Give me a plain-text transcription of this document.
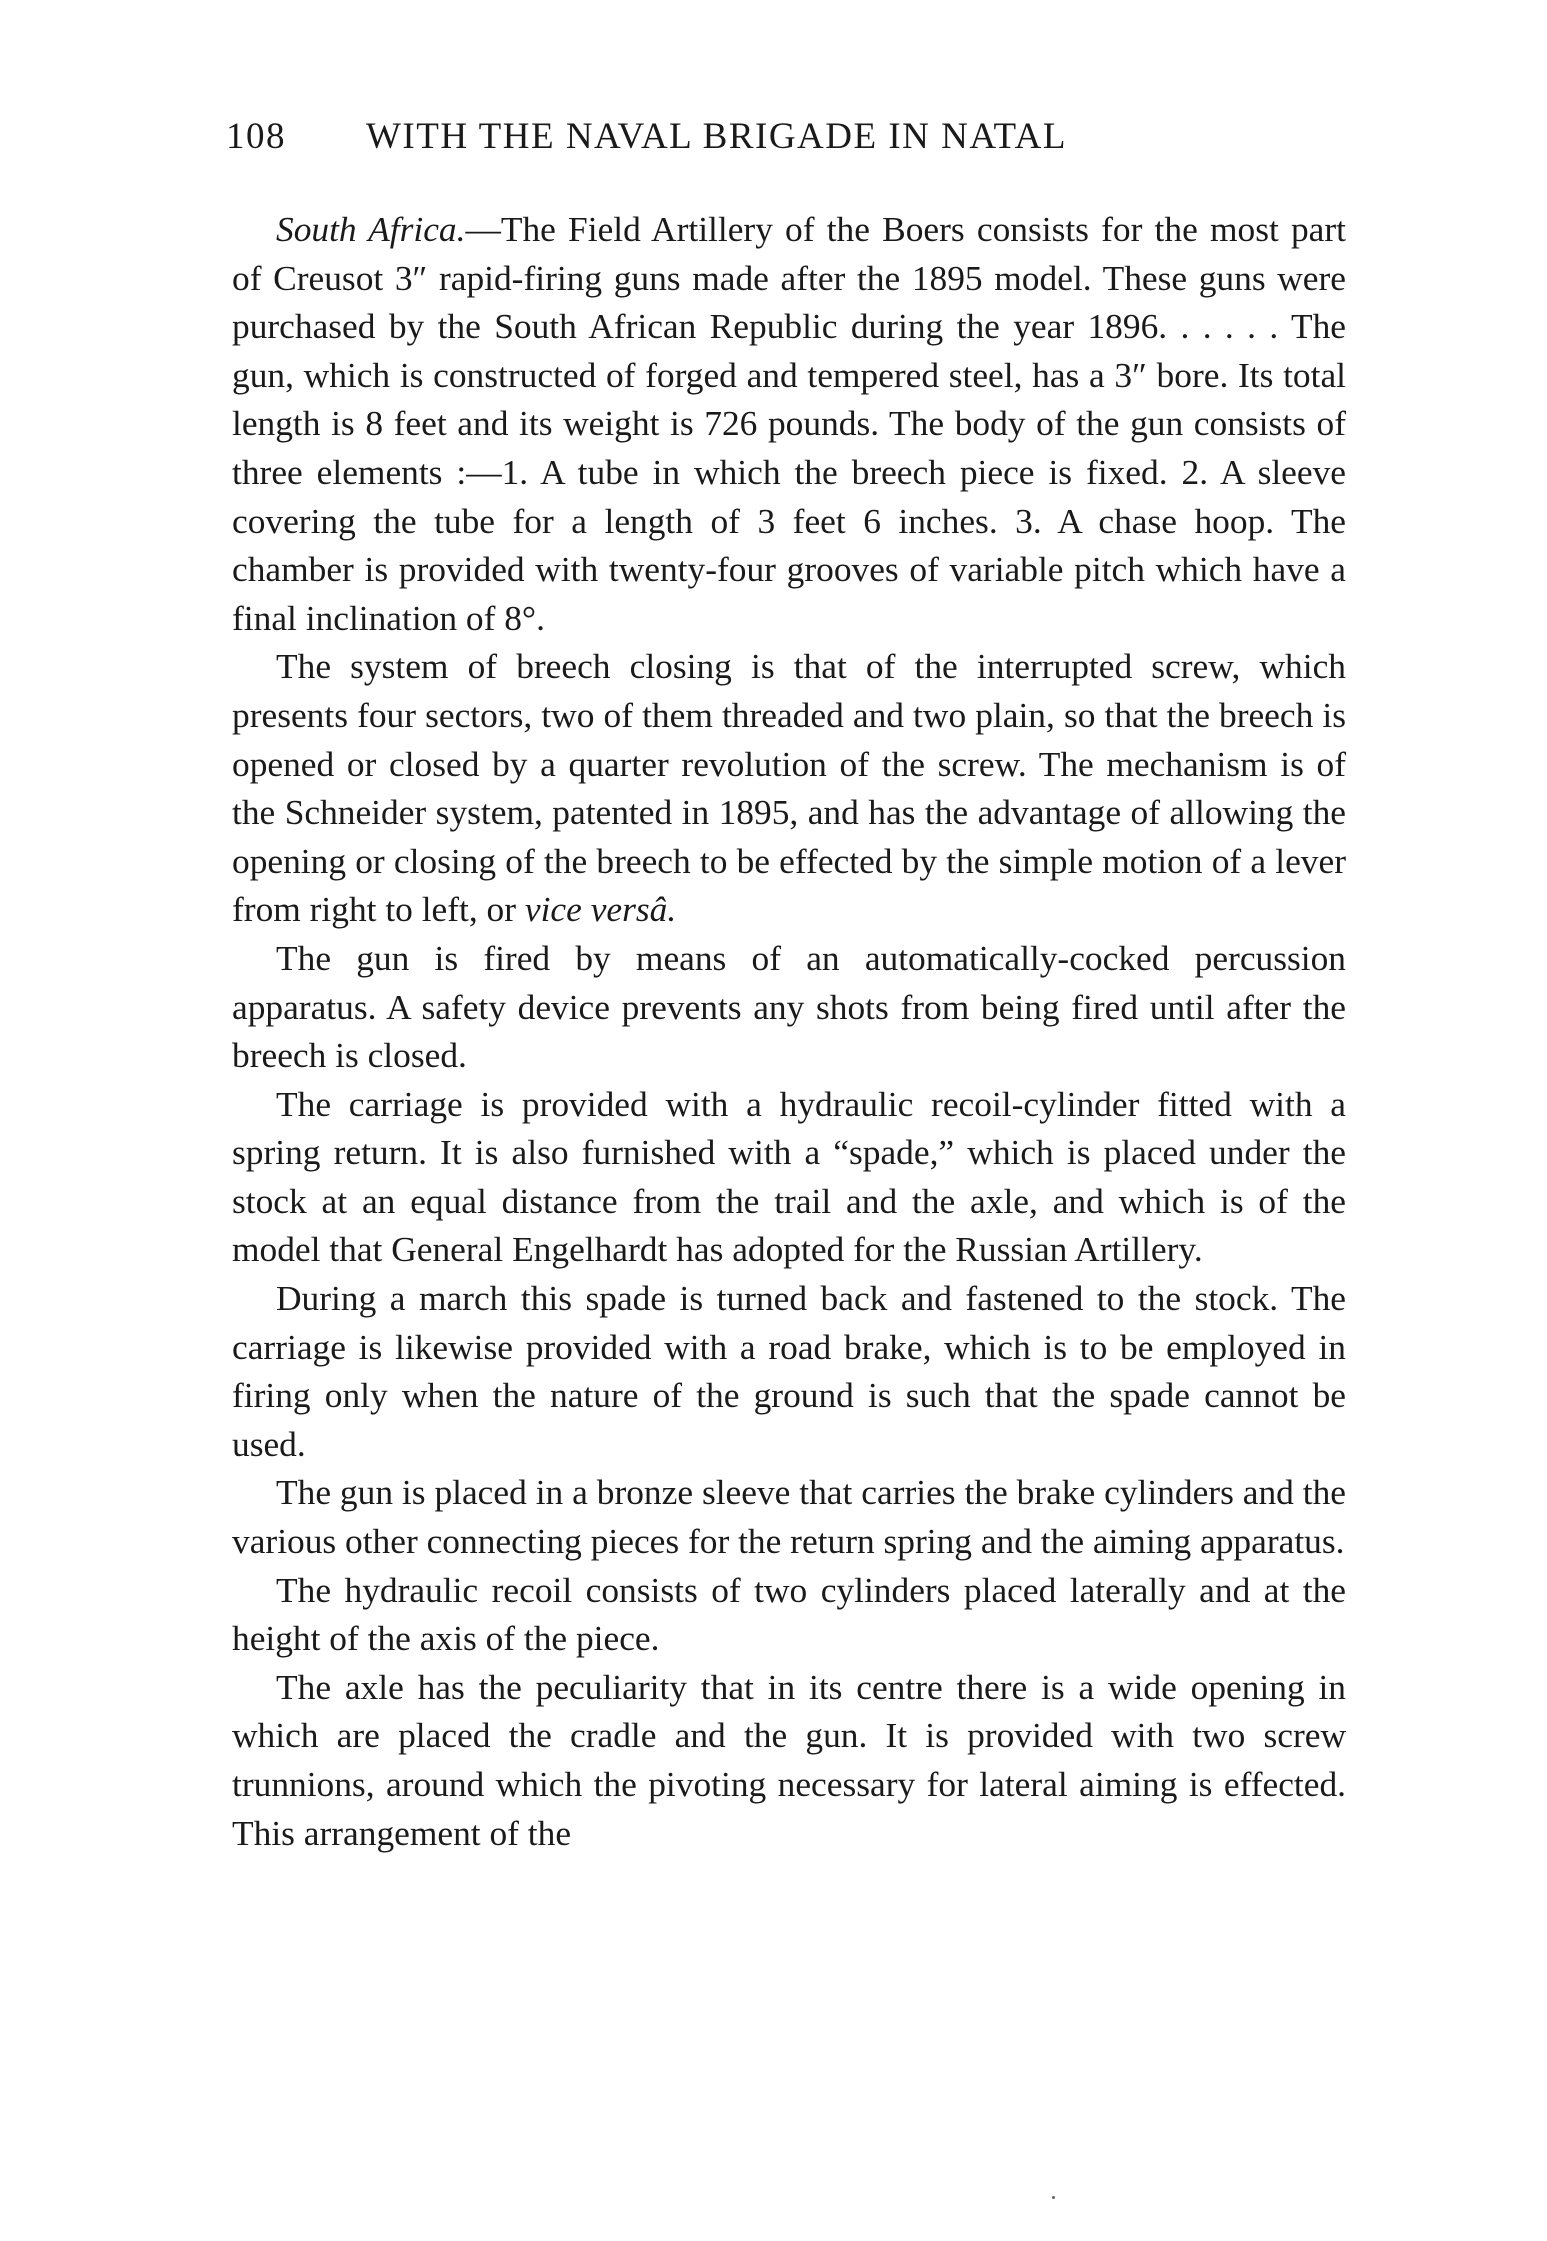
108 WITH THE NAVAL BRIGADE IN NATAL

South Africa.—The Field Artillery of the Boers consists for the most part of Creusot 3″ rapid-firing guns made after the 1895 model. These guns were purchased by the South African Republic during the year 1896. . . . . . The gun, which is constructed of forged and tempered steel, has a 3″ bore. Its total length is 8 feet and its weight is 726 pounds. The body of the gun consists of three elements :—1. A tube in which the breech piece is fixed. 2. A sleeve covering the tube for a length of 3 feet 6 inches. 3. A chase hoop. The chamber is provided with twenty-four grooves of variable pitch which have a final inclination of 8°.

The system of breech closing is that of the interrupted screw, which presents four sectors, two of them threaded and two plain, so that the breech is opened or closed by a quarter revolution of the screw. The mechanism is of the Schneider system, patented in 1895, and has the advantage of allowing the opening or closing of the breech to be effected by the simple motion of a lever from right to left, or vice versâ.

The gun is fired by means of an automatically-cocked percussion apparatus. A safety device prevents any shots from being fired until after the breech is closed.

The carriage is provided with a hydraulic recoil-cylinder fitted with a spring return. It is also furnished with a “spade,” which is placed under the stock at an equal distance from the trail and the axle, and which is of the model that General Engelhardt has adopted for the Russian Artillery.

During a march this spade is turned back and fastened to the stock. The carriage is likewise provided with a road brake, which is to be employed in firing only when the nature of the ground is such that the spade cannot be used.

The gun is placed in a bronze sleeve that carries the brake cylinders and the various other connecting pieces for the return spring and the aiming apparatus.

The hydraulic recoil consists of two cylinders placed laterally and at the height of the axis of the piece.

The axle has the peculiarity that in its centre there is a wide opening in which are placed the cradle and the gun. It is provided with two screw trunnions, around which the pivoting necessary for lateral aiming is effected. This arrangement of the
